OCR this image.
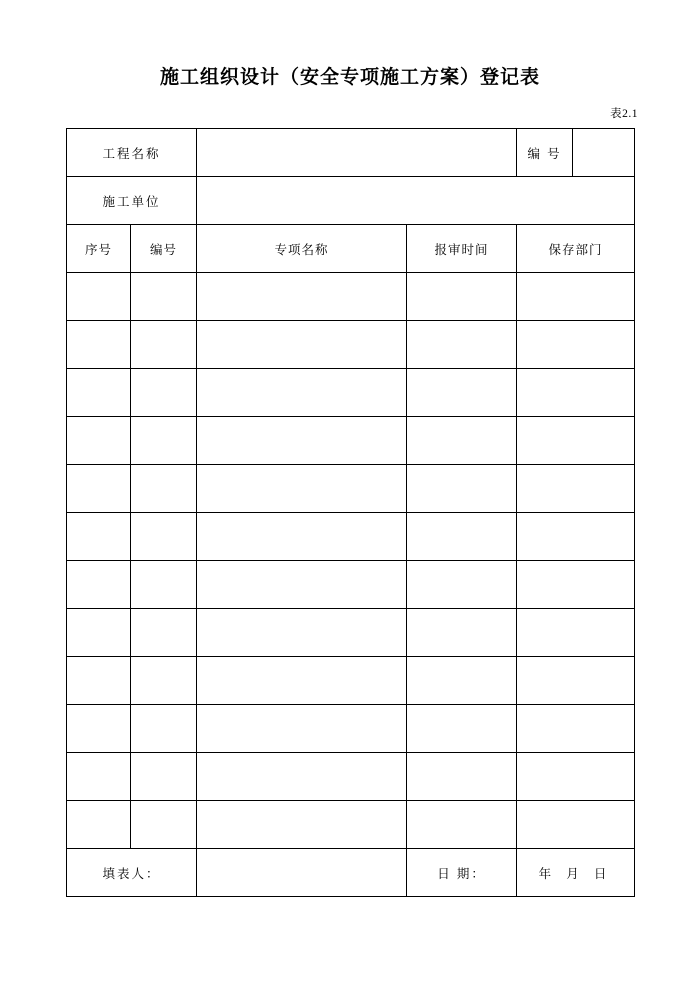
施工组织设计（安全专项施工方案）登记表
表2.1
工程名称				编 号	
施工单位					
序号	编号	专项名称	报审时间	保存部门	

填表人：			日 期：	年 月 日	
